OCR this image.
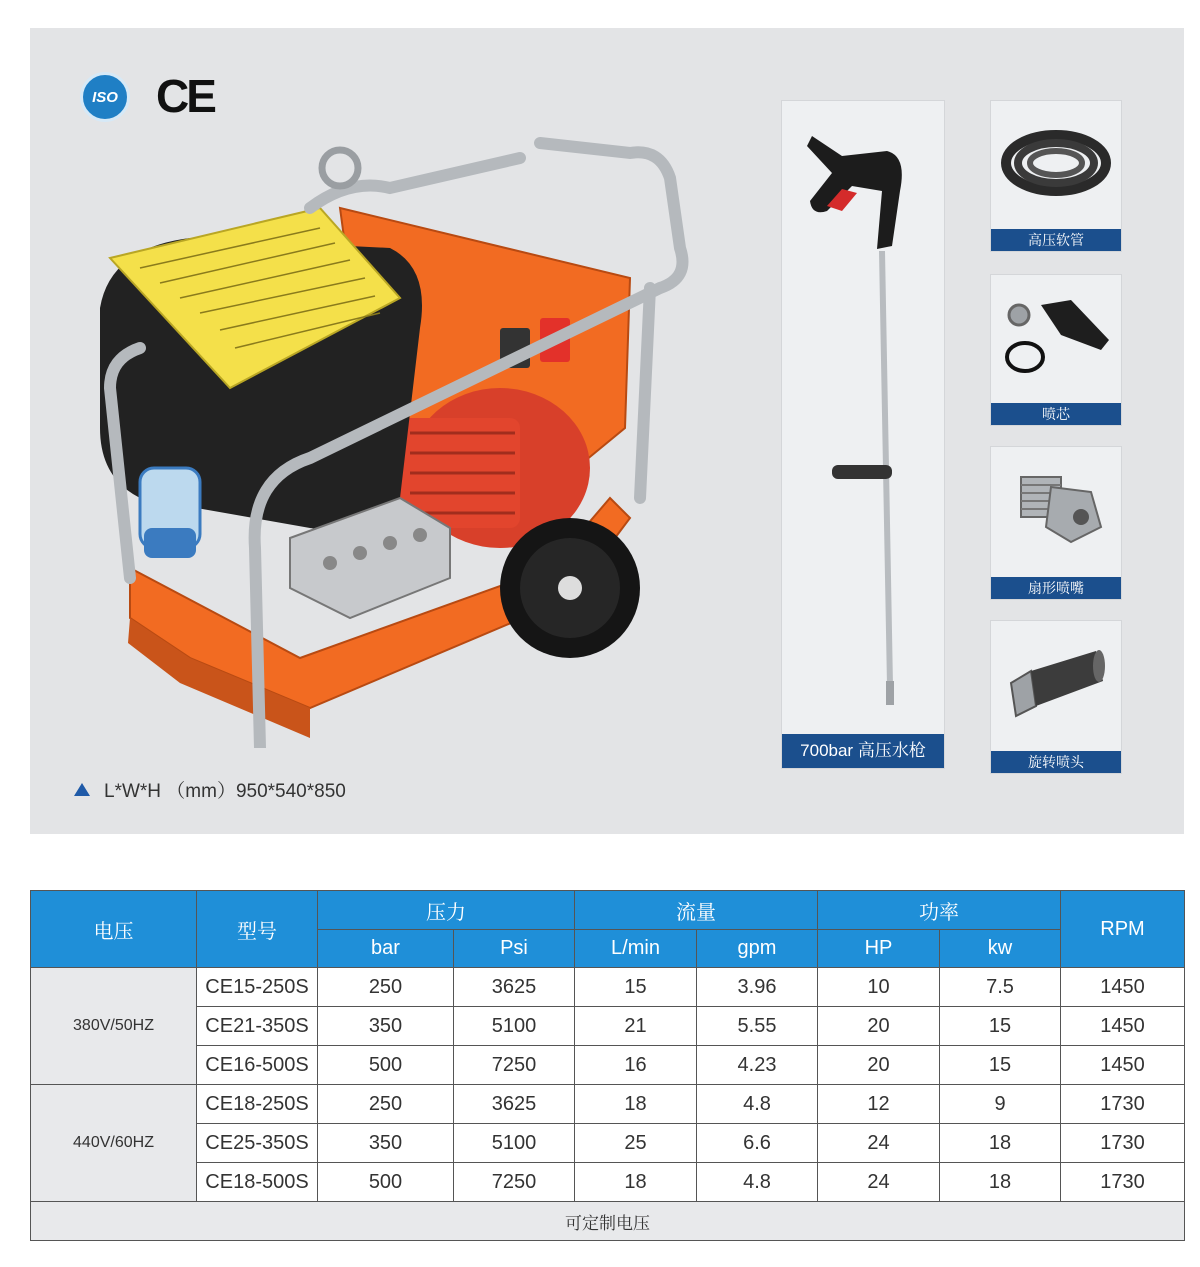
ISO CE
L*W*H （mm）950*540*850
700bar 高压水枪
高压软管
喷芯
扇形喷嘴
旋转喷头
电压	型号	压力		流量		功率		RPM
		bar	Psi	L/min	gpm	HP	kw	
380V/50HZ	CE15-250S	250	3625	15	3.96	10	7.5	1450
	CE21-350S	350	5100	21	5.55	20	15	1450
	CE16-500S	500	7250	16	4.23	20	15	1450
440V/60HZ	CE18-250S	250	3625	18	4.8	12	9	1730
	CE25-350S	350	5100	25	6.6	24	18	1730
	CE18-500S	500	7250	18	4.8	24	18	1730
可定制电压								
